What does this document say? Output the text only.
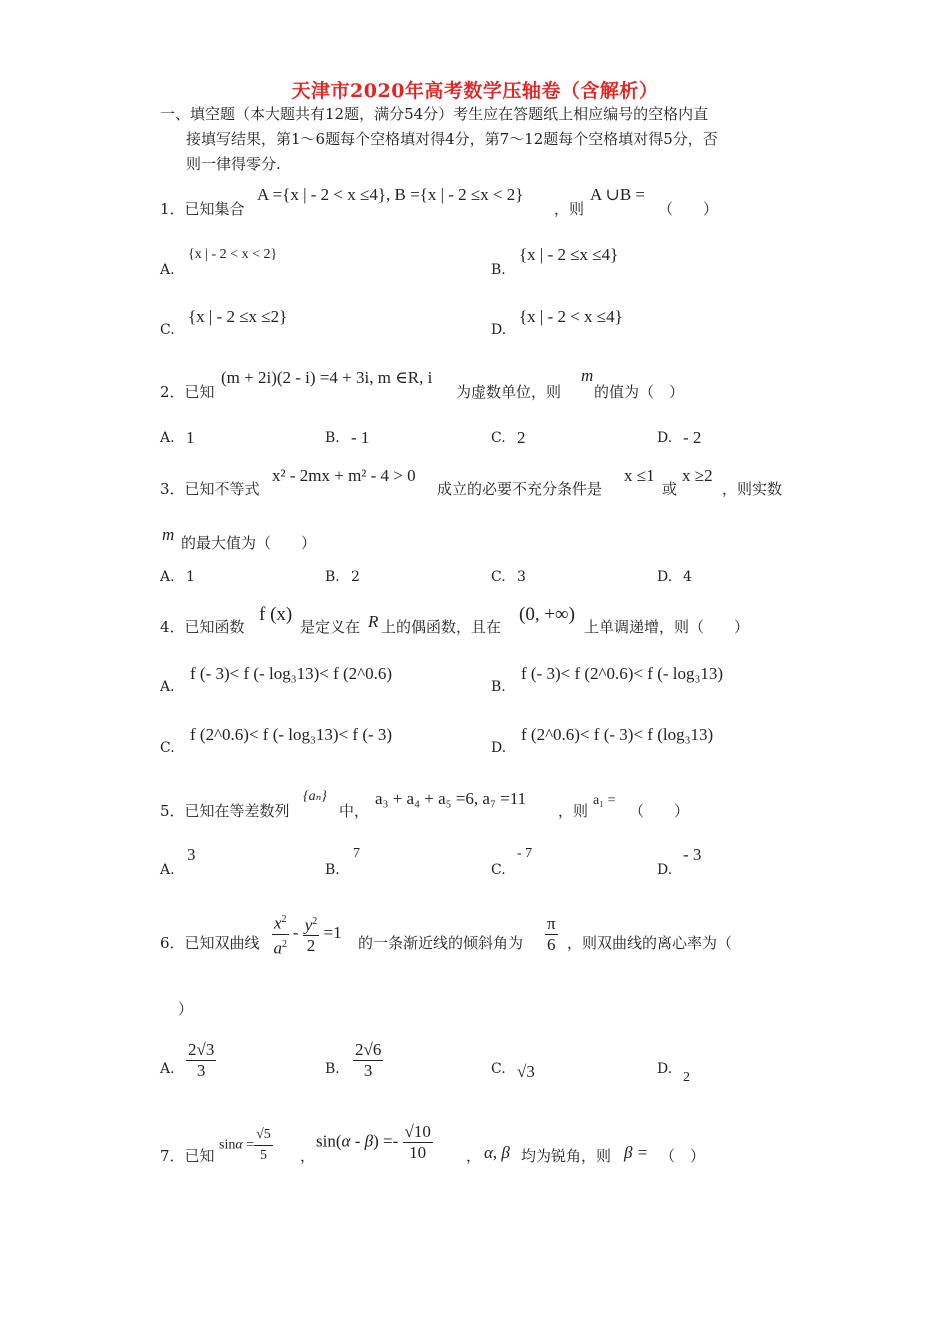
天津市2020年高考数学压轴卷（含解析）
一、填空题（本大题共有12题，满分54分）考生应在答题纸上相应编号的空格内直
接填写结果，第1～6题每个空格填对得4分，第7～12题每个空格填对得5分，否
则一律得零分.
1．已知集合
A ={x | - 2 < x ≤4}, B ={x | - 2 ≤x < 2}
，则
A ∪B =
（　　）
A.
{x | - 2 < x < 2}
B.
{x | - 2 ≤x ≤4}
C.
{x | - 2 ≤x ≤2}
D.
{x | - 2 < x ≤4}
2．已知
(m + 2i)(2 - i) =4 + 3i, m ∈R, i
为虚数单位，则
m
的值为（　）
A. 1	B. - 1	C. 2	D. - 2
3．已知不等式
x² - 2mx + m² - 4 > 0
成立的必要不充分条件是
x ≤1
或
x ≥2
，则实数
m 的最大值为（　　）
A. 1	B. 2	C. 3	D. 4
4．已知函数
f (x)
是定义在 R 上的偶函数，且在
(0, +∞)
上单调递增，则（　　）
A.
f (- 3)< f (- log₃13)< f (2^0.6)
B.
f (- 3)< f (2^0.6)< f (- log₃13)
C.
f (2^0.6)< f (- log₃13)< f (- 3)
D.
f (2^0.6)< f (- 3)< f (log₃13)
5．已知在等差数列
{aₙ}
中，
a₃ + a₄ + a₅ =6, a₇ =11
，则
a₁ =
（　　）
A.
3
B.
7
C.
- 7
D.
- 3
6．已知双曲线 $\frac{x^2}{a^2} - \frac{y^2}{2} =1$
的一条渐近线的倾斜角为 $\frac{\pi}{6}$ ，则双曲线的离心率为（
）
A. $\frac{2√3}{3}$	B. $\frac{2√6}{3}$	C. √3	D.
2
7．已知
$\sin\alpha = \frac{√5}{5}$ ，
$\sin(\alpha - \beta) =- \frac{√10}{10}$ ， α, β 均为锐角，则 β = （　）
